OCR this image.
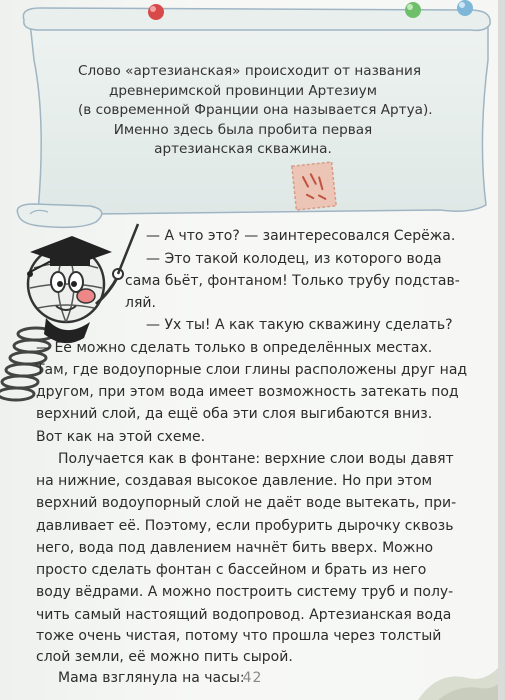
Слово «артезианская» происходит от названия
древнеримской провинции Артезиум
(в современной Франции она называется Артуа).
Именно здесь была пробита первая
артезианская скважина.
— А что это? — заинтересовался Серёжа.
— Это такой колодец, из которого вода
сама бьёт, фонтаном! Только трубу подстав-
ляй.
— Ух ты! А как такую скважину сделать?
— Её можно сделать только в определённых местах.
Там, где водоупорные слои глины расположены друг над
другом, при этом вода имеет возможность затекать под
верхний слой, да ещё оба эти слоя выгибаются вниз.
Вот как на этой схеме.
Получается как в фонтане: верхние слои воды давят
на нижние, создавая высокое давление. Но при этом
верхний водоупорный слой не даёт воде вытекать, при-
давливает её. Поэтому, если пробурить дырочку сквозь
него, вода под давлением начнёт бить вверх. Можно
просто сделать фонтан с бассейном и брать из него
воду вёдрами. А можно построить систему труб и полу-
чить самый настоящий водопровод. Артезианская вода
тоже очень чистая, потому что прошла через толстый
слой земли, её можно пить сырой.
Мама взглянула на часы:
42
